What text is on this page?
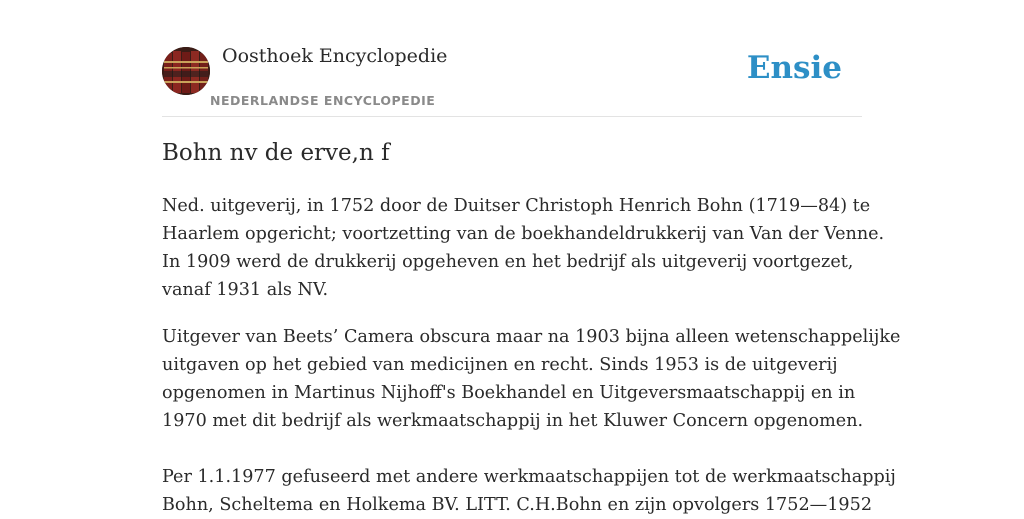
Oosthoek Encyclopedie
NEDERLANDSE ENCYCLOPEDIE
Ensie
Bohn nv de erve,n f

Ned. uitgeverij, in 1752 door de Duitser Christoph Henrich Bohn (1719—84) te
Haarlem opgericht; voortzetting van de boekhandeldrukkerij van Van der Venne.
In 1909 werd de drukkerij opgeheven en het bedrijf als uitgeverij voortgezet,
vanaf 1931 als NV.

Uitgever van Beets’ Camera obscura maar na 1903 bijna alleen wetenschappelijke
uitgaven op het gebied van medicijnen en recht. Sinds 1953 is de uitgeverij
opgenomen in Martinus Nijhoff's Boekhandel en Uitgeversmaatschappij en in
1970 met dit bedrijf als werkmaatschappij in het Kluwer Concern opgenomen.

Per 1.1.1977 gefuseerd met andere werkmaatschappijen tot de werkmaatschappij
Bohn, Scheltema en Holkema BV. LITT. C.H.Bohn en zijn opvolgers 1752—1952
